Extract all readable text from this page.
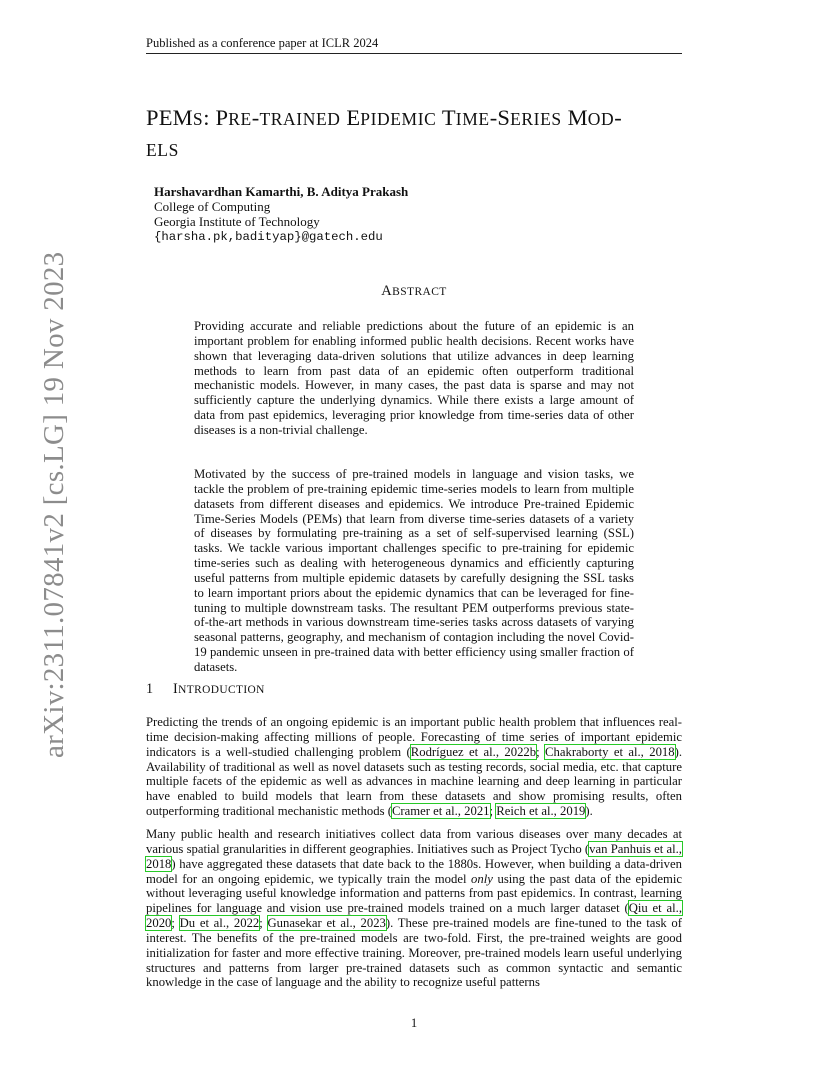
Published as a conference paper at ICLR 2024
arXiv:2311.07841v2 [cs.LG] 19 Nov 2023
PEMS: PRE-TRAINED EPIDEMIC TIME-SERIES MOD-
ELS
Harshavardhan Kamarthi, B. Aditya Prakash
College of Computing
Georgia Institute of Technology
{harsha.pk,badityap}@gatech.edu
ABSTRACT
Providing accurate and reliable predictions about the future of an epidemic is an important problem for enabling informed public health decisions. Recent works have shown that leveraging data-driven solutions that utilize advances in deep learning methods to learn from past data of an epidemic often outperform traditional mechanistic models. However, in many cases, the past data is sparse and may not sufficiently capture the underlying dynamics. While there exists a large amount of data from past epidemics, leveraging prior knowledge from time-series data of other diseases is a non-trivial challenge.
Motivated by the success of pre-trained models in language and vision tasks, we tackle the problem of pre-training epidemic time-series models to learn from multiple datasets from different diseases and epidemics. We introduce Pre-trained Epidemic Time-Series Models (PEMs) that learn from diverse time-series datasets of a variety of diseases by formulating pre-training as a set of self-supervised learning (SSL) tasks. We tackle various important challenges specific to pre-training for epidemic time-series such as dealing with heterogeneous dynamics and efficiently capturing useful patterns from multiple epidemic datasets by carefully designing the SSL tasks to learn important priors about the epidemic dynamics that can be leveraged for fine-tuning to multiple downstream tasks. The resultant PEM outperforms previous state-of-the-art methods in various downstream time-series tasks across datasets of varying seasonal patterns, geography, and mechanism of contagion including the novel Covid-19 pandemic unseen in pre-trained data with better efficiency using smaller fraction of datasets.
1 INTRODUCTION
Predicting the trends of an ongoing epidemic is an important public health problem that influences real-time decision-making affecting millions of people. Forecasting of time series of important epidemic indicators is a well-studied challenging problem (Rodríguez et al., 2022b; Chakraborty et al., 2018). Availability of traditional as well as novel datasets such as testing records, social media, etc. that capture multiple facets of the epidemic as well as advances in machine learning and deep learning in particular have enabled to build models that learn from these datasets and show promising results, often outperforming traditional mechanistic methods (Cramer et al., 2021; Reich et al., 2019).
Many public health and research initiatives collect data from various diseases over many decades at various spatial granularities in different geographies. Initiatives such as Project Tycho (van Panhuis et al., 2018) have aggregated these datasets that date back to the 1880s. However, when building a data-driven model for an ongoing epidemic, we typically train the model only using the past data of the epidemic without leveraging useful knowledge information and patterns from past epidemics. In contrast, learning pipelines for language and vision use pre-trained models trained on a much larger dataset (Qiu et al., 2020; Du et al., 2022; Gunasekar et al., 2023). These pre-trained models are fine-tuned to the task of interest. The benefits of the pre-trained models are two-fold. First, the pre-trained weights are good initialization for faster and more effective training. Moreover, pre-trained models learn useful underlying structures and patterns from larger pre-trained datasets such as common syntactic and semantic knowledge in the case of language and the ability to recognize useful patterns
1
